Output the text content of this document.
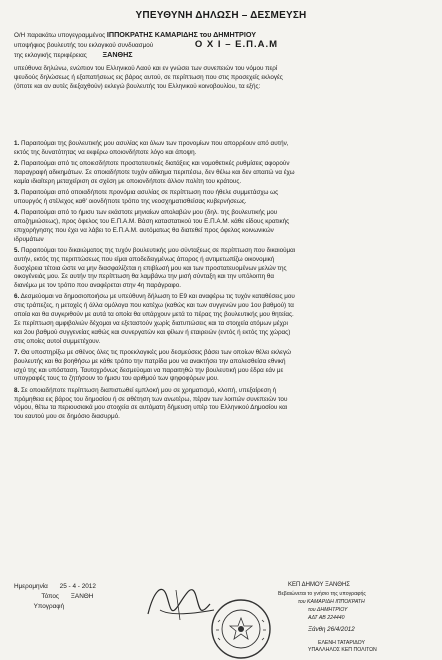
ΥΠΕΥΘΥΝΗ ΔΗΛΩΣΗ – ΔΕΣΜΕΥΣΗ
Ο/Η παρακάτω υπογεγραμμένος ΙΠΠΟΚΡΑΤΗΣ ΚΑΜΑΡΙΔΗΣ του ΔΗΜΗΤΡΙΟΥ
υποψήφιος βουλευτής του εκλογικού συνδυασμού	Ο Χ Ι – Ε.Π.Α.Μ
της εκλογικής περιφέρειας ΞΑΝΘΗΣ
υπεύθυνα δηλώνω, ενώπιον του Ελληνικού Λαού και εν γνώσει των συνεπειών του νόμου περί
ψευδούς δηλώσεως ή εξαπατήσεως εις βάρος αυτού, σε περίπτωση που στις προσεχείς εκλογές
(όποτε και αν αυτές διεξαχθούν) εκλεγώ βουλευτής του Ελληνικού κοινοβουλίου, τα εξής:
1. Παραιτούμαι της βουλευτικής μου ασυλίας και όλων των προνομίων που απορρέουν από αυτήν,
εκτός της δυνατότητας να εκφέρω οποιονδήποτε λόγο και άποψη.
2. Παραιτούμαι από τις οποιεσδήποτε προστατευτικές διατάξεις και νομοθετικές ρυθμίσεις αφορούν
παραγραφή αδικημάτων. Σε οποιαδήποτε τυχόν αδίκημα περιπέσω, δεν θέλω και δεν απαιτώ να έχω
καμία ιδιαίτερη μεταχείριση σε σχέση με οποιονδήποτε άλλον πολίτη του κράτους.
3. Παραιτούμαι από οποιαδήποτε προνόμια ασυλίας σε περίπτωση που ήθελε συμμετάσχω ως
υπουργός ή στέλεχος καθ' οιονδήποτε τρόπο της νεοσχηματισθείσας κυβερνήσεως.
4. Παραιτούμαι από το ήμισυ των εκάστοτε μηνιαίων απολαβών μου (δηλ. της βουλευτικής μου
αποζημιώσεως), προς όφελος του Ε.Π.Α.Μ. Βάση καταστατικού του Ε.Π.Α.Μ. κάθε είδους κρατικής
επιχορήγησης που έχει να λάβει το Ε.Π.Α.Μ. αυτόματως θα διατεθεί προς όφελος κοινωνικών
ιδρυμάτων
5. Παραιτούμαι του δικαιώματος της τυχόν βουλευτικής μου σύνταξεως σε περίπτωση που δικαιούμαι
αυτήν, εκτός της περιπτώσεως που είμαι αποδεδειγμένως άπορος ή αντιμετωπίζω οικονομική
δυσχέρεια τέτοια ώστε να μην διασφαλίζεται η επιβίωσή μου και των προστατευομένων μελών της
οικογένειάς μου. Σε αυτήν την περίπτωση θα λαμβάνω την μισή σύνταξη και την υπόλοιπη θα
διανέμω με τον τρόπο που αναφέρεται στην 4η παράγραφο.
6. Δεσμεύομαι να δημοσιοποιήσω με υπεύθυνη δήλωση το Ε9 και αναφέρω τις τυχόν καταθέσεις μου
στις τράπεζες, η μετοχές ή άλλα ομόλογα που κατέχω (καθώς και των συγγενών μου 1ου βαθμού) τα
οποία και θα συγκριθούν με αυτά τα οποία θα υπάρχουν μετά το πέρας της βουλευτικής μου θητείας.
Σε περίπτωση αμφιβολιών δέχομαι να εξεταστούν χωρίς διατυπώσεις και τα στοιχεία ατόμων μέχρι
και 2ου βαθμού συγγενείας καθώς και συνεργατών και φίλων ή εταιρειών (εντός ή εκτός της χώρας)
στις οποίες αυτοί συμμετέχουν.
7. Θα υποστηρίξω με σθένος όλες τις προεκλογικές μου δεσμεύσεις βάσει των οποίων θέλει εκλεγώ
βουλευτής και θα βοηθήσω με κάθε τρόπο την πατρίδα μου να ανακτήσει την απολεσθείσα εθνική
ισχύ της και υπόσταση. Ταυτοχρόνως δεσμεύομαι να παραιτηθώ την βουλευτική μου έδρα εάν με
υπογραφές τους το ζητήσουν το ήμισυ του αριθμού των ψηφοφόρων μου.
8. Σε οποιαδήποτε περίπτωση διαπιστωθεί εμπλοκή μου σε χρηματισμό, κλοπή, υπεξαίρεση ή
πρόμηθεια εις βάρος του δημοσίου ή σε αθέτηση των ανωτέρω, πέραν των λοιπών συνεπειών του
νόμου, θέτω τα περιουσιακά μου στοιχεία σε αυτόματη δήμευση υπέρ του Ελληνικού Δημοσίου και
του εαυτού μου σε δημόσιο διασυρμό.
Ημερομηνία 25 - 4 - 2012
Τόπος ΞΑΝΘΗ
Υπογραφή
ΚΕΠ ΔΗΜΟΥ ΞΑΝΘΗΣ
Βεβαιώνεται το γνήσιο της υπογραφής
του ΚΑΜΑΡΙΔΗ ΙΠΠΟΚΡΑΤΗ
του ΔΗΜΗΤΡΙΟΥ
ΑΔΤ ΑΒ 224440
Ξάνθη 26/4/2012
ΕΛΕΝΗ ΤΑΤΑΡΙΔΟΥ
ΥΠΑΛΛΗΛΟΣ ΚΕΠ ΠΟΛΙΤΩΝ
